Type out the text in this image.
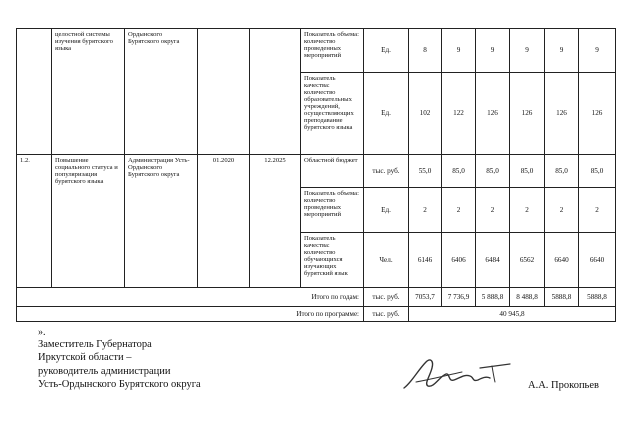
	целостной системы изучения бурятского языка	Ордынского Бурятского округа			Показатель объема: количество проведенных мероприятий	Ед.	8	9	9	9	9	9
					Показатель качества: количество образовательных учреждений, осуществляющих преподавание бурятского языка	Ед.	102	122	126	126	126	126
1.2.	Повышение социального статуса и популяризация бурятского языка	Администрация Усть-Ордынского Бурятского округа	01.2020	12.2025	Областной бюджет	тыс. руб.	55,0	85,0	85,0	85,0	85,0	85,0
					Показатель объема: количество проведенных мероприятий	Ед.	2	2	2	2	2	2
					Показатель качества: количество обучающихся изучающих бурятский язык	Чел.	6146	6406	6484	6562	6640	6640
Итого по годам:						тыс. руб.	7053,7	7 736,9	5 888,8	8 488,8	5888,8	5888,8
Итого по программе:						тыс. руб.	40 945,8					
».
Заместитель Губернатора
Иркутской области –
руководитель администрации
Усть-Ордынского Бурятского округа	А.А. Прокопьев
